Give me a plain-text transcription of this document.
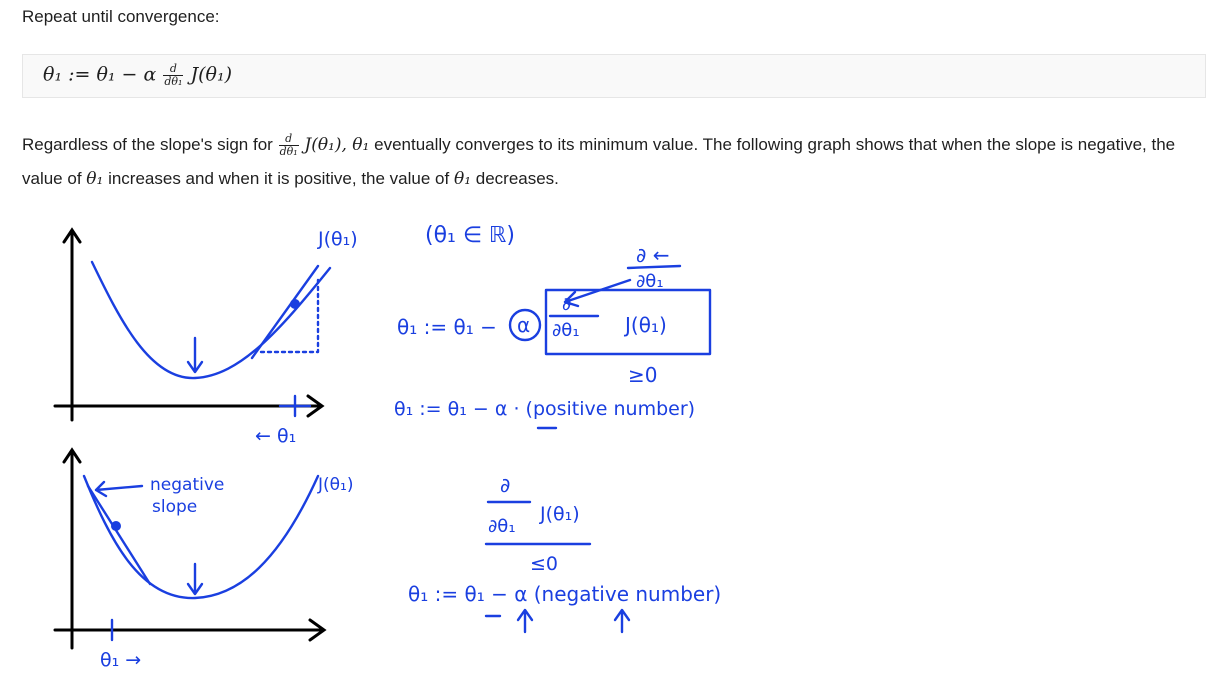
Repeat until convergence:
θ₁ := θ₁ − α $\frac{d}{\text{dθ₁}} J(\theta_1)$
Regardless of the slope's sign for $\frac{d}{\text{dθ₁}} J(\theta_1)$, θ₁ eventually converges to its minimum value. The following graph shows that when the slope is negative, the value of θ₁ increases and when it is positive, the value of θ₁ decreases.
← θ₁
J(θ₁)	(θ₁ ∈ ℝ)
∂ ←
∂θ₁
θ₁ := θ₁ − α
∂
∂θ₁ J(θ₁)
≥0
θ₁ := θ₁ − α · (positive number)
negative
slope
θ₁ →
J(θ₁)	∂
∂θ₁
J(θ₁)
≤0
θ₁ := θ₁ − α (negative number)
